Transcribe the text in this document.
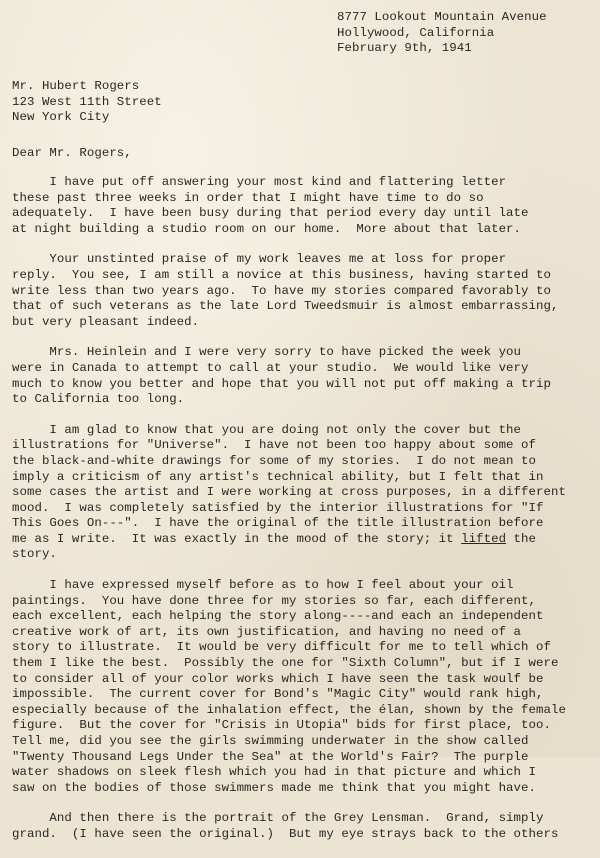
8777 Lookout Mountain Avenue
Hollywood, California
February 9th, 1941
Mr. Hubert Rogers
123 West 11th Street
New York City
Dear Mr. Rogers,
I have put off answering your most kind and flattering letter
these past three weeks in order that I might have time to do so
adequately.  I have been busy during that period every day until late
at night building a studio room on our home.  More about that later.
Your unstinted praise of my work leaves me at loss for proper
reply.  You see, I am still a novice at this business, having started to
write less than two years ago.  To have my stories compared favorably to
that of such veterans as the late Lord Tweedsmuir is almost embarrassing,
but very pleasant indeed.
Mrs. Heinlein and I were very sorry to have picked the week you
were in Canada to attempt to call at your studio.  We would like very
much to know you better and hope that you will not put off making a trip
to California too long.
I am glad to know that you are doing not only the cover but the
illustrations for "Universe".  I have not been too happy about some of
the black-and-white drawings for some of my stories.  I do not mean to
imply a criticism of any artist's technical ability, but I felt that in
some cases the artist and I were working at cross purposes, in a different
mood.  I was completely satisfied by the interior illustrations for "If
This Goes On---".  I have the original of the title illustration before
me as I write.  It was exactly in the mood of the story; it lifted the
story.
I have expressed myself before as to how I feel about your oil
paintings.  You have done three for my stories so far, each different,
each excellent, each helping the story along----and each an independent
creative work of art, its own justification, and having no need of a
story to illustrate.  It would be very difficult for me to tell which of
them I like the best.  Possibly the one for "Sixth Column", but if I were
to consider all of your color works which I have seen the task woulf be
impossible.  The current cover for Bond's "Magic City" would rank high,
especially because of the inhalation effect, the élan, shown by the female
figure.  But the cover for "Crisis in Utopia" bids for first place, too.
Tell me, did you see the girls swimming underwater in the show called
"Twenty Thousand Legs Under the Sea" at the World's Fair?  The purple
water shadows on sleek flesh which you had in that picture and which I
saw on the bodies of those swimmers made me think that you might have.
And then there is the portrait of the Grey Lensman.  Grand, simply
grand.  (I have seen the original.)  But my eye strays back to the others
